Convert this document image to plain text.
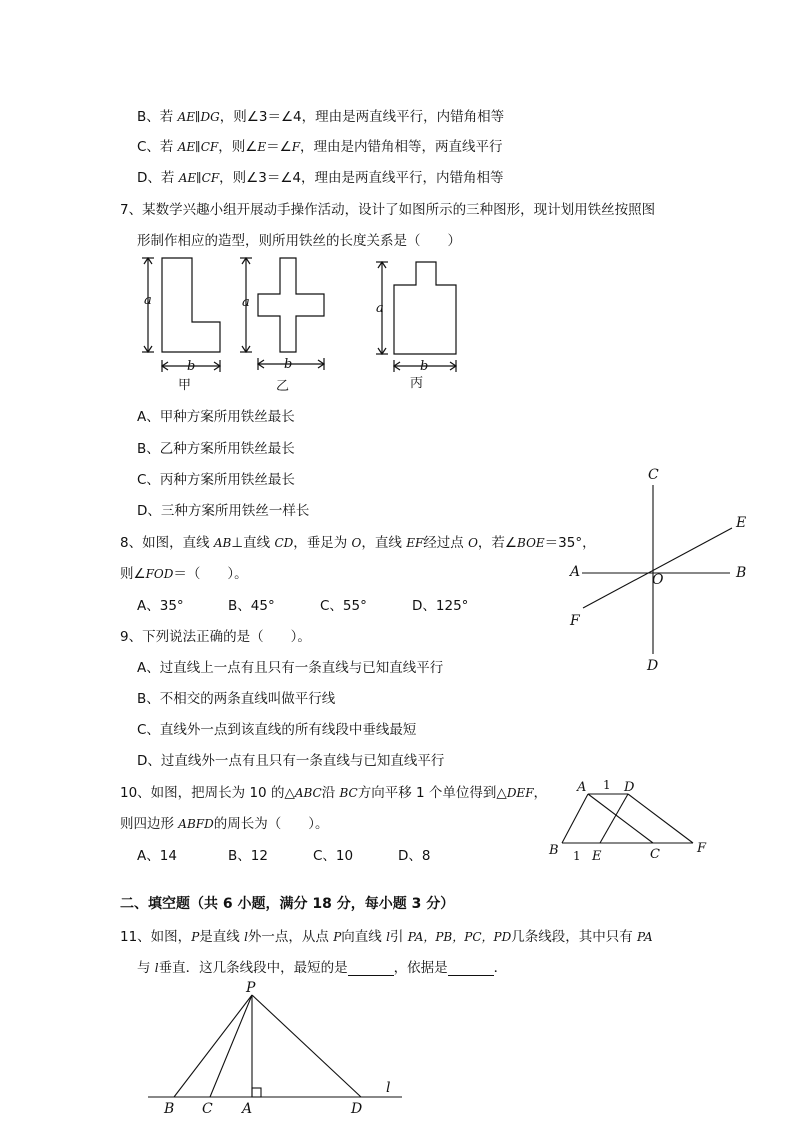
B、若 AE∥DG，则∠3＝∠4，理由是两直线平行，内错角相等
C、若 AE∥CF，则∠E＝∠F，理由是内错角相等，两直线平行
D、若 AE∥CF，则∠3＝∠4，理由是两直线平行，内错角相等
7、某数学兴趣小组开展动手操作活动，设计了如图所示的三种图形，现计划用铁丝按照图
形制作相应的造型，则所用铁丝的长度关系是（　　）
a
b
a
b
a
b
甲	乙	丙
A、甲种方案所用铁丝最长
B、乙种方案所用铁丝最长
C、丙种方案所用铁丝最长
D、三种方案所用铁丝一样长
8、如图，直线 AB⊥直线 CD，垂足为 O，直线 EF经过点 O，若∠BOE＝35°，
则∠FOD＝（　　）。
A、35°	B、45°	C、55°	D、125°
C
E
A	O	B
F
D
9、下列说法正确的是（　　）。
A、过直线上一点有且只有一条直线与已知直线平行
B、不相交的两条直线叫做平行线
C、直线外一点到该直线的所有线段中垂线最短
D、过直线外一点有且只有一条直线与已知直线平行
10、如图，把周长为 10 的△ABC沿 BC方向平移 1 个单位得到△DEF，
则四边形 ABFD的周长为（　　）。
A、14	B、12	C、10	D、8
A	D
B	E	C	F
1
1
二、填空题（共 6 小题，满分 18 分，每小题 3 分）
11、如图，P是直线 l外一点，从点 P向直线 l引 PA，PB，PC，PD几条线段，其中只有 PA
与 l垂直．这几条线段中，最短的是	，依据是	．
P
B C A	D
l
